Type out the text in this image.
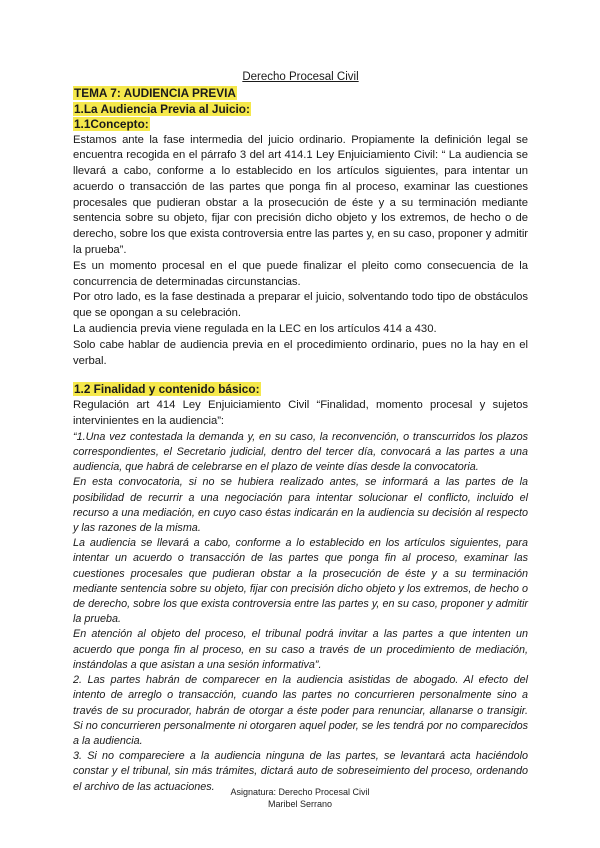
Derecho Procesal Civil
TEMA 7: AUDIENCIA PREVIA
1.La Audiencia Previa al Juicio:
1.1Concepto:

Estamos ante la fase intermedia del juicio ordinario. Propiamente la definición legal se encuentra recogida en el párrafo 3 del art 414.1 Ley Enjuiciamiento Civil: “ La audiencia se llevará a cabo, conforme a lo establecido en los artículos siguientes, para intentar un acuerdo o transacción de las partes que ponga fin al proceso, examinar las cuestiones procesales que pudieran obstar a la prosecución de éste y a su terminación mediante sentencia sobre su objeto, fijar con precisión dicho objeto y los extremos, de hecho o de derecho, sobre los que exista controversia entre las partes y, en su caso, proponer y admitir la prueba”.

Es un momento procesal en el que puede finalizar el pleito como consecuencia de la concurrencia de determinadas circunstancias.

Por otro lado, es la fase destinada a preparar el juicio, solventando todo tipo de obstáculos que se opongan a su celebración.

La audiencia previa viene regulada en la LEC en los artículos 414 a 430.

Solo cabe hablar de audiencia previa en el procedimiento ordinario, pues no la hay en el verbal.

1.2 Finalidad y contenido básico:

Regulación art 414 Ley Enjuiciamiento Civil “Finalidad, momento procesal y sujetos intervinientes en la audiencia”:

“1.Una vez contestada la demanda y, en su caso, la reconvención, o transcurridos los plazos correspondientes, el Secretario judicial, dentro del tercer día, convocará a las partes a una audiencia, que habrá de celebrarse en el plazo de veinte días desde la convocatoria.

En esta convocatoria, si no se hubiera realizado antes, se informará a las partes de la posibilidad de recurrir a una negociación para intentar solucionar el conflicto, incluido el recurso a una mediación, en cuyo caso éstas indicarán en la audiencia su decisión al respecto y las razones de la misma.

La audiencia se llevará a cabo, conforme a lo establecido en los artículos siguientes, para intentar un acuerdo o transacción de las partes que ponga fin al proceso, examinar las cuestiones procesales que pudieran obstar a la prosecución de éste y a su terminación mediante sentencia sobre su objeto, fijar con precisión dicho objeto y los extremos, de hecho o de derecho, sobre los que exista controversia entre las partes y, en su caso, proponer y admitir la prueba.

En atención al objeto del proceso, el tribunal podrá invitar a las partes a que intenten un acuerdo que ponga fin al proceso, en su caso a través de un procedimiento de mediación, instándolas a que asistan a una sesión informativa”.

2. Las partes habrán de comparecer en la audiencia asistidas de abogado. Al efecto del intento de arreglo o transacción, cuando las partes no concurrieren personalmente sino a través de su procurador, habrán de otorgar a éste poder para renunciar, allanarse o transigir. Si no concurrieren personalmente ni otorgaren aquel poder, se les tendrá por no comparecidos a la audiencia.

3. Si no compareciere a la audiencia ninguna de las partes, se levantará acta haciéndolo constar y el tribunal, sin más trámites, dictará auto de sobreseimiento del proceso, ordenando el archivo de las actuaciones.	Asignatura: Derecho Procesal Civil
Maribel Serrano
